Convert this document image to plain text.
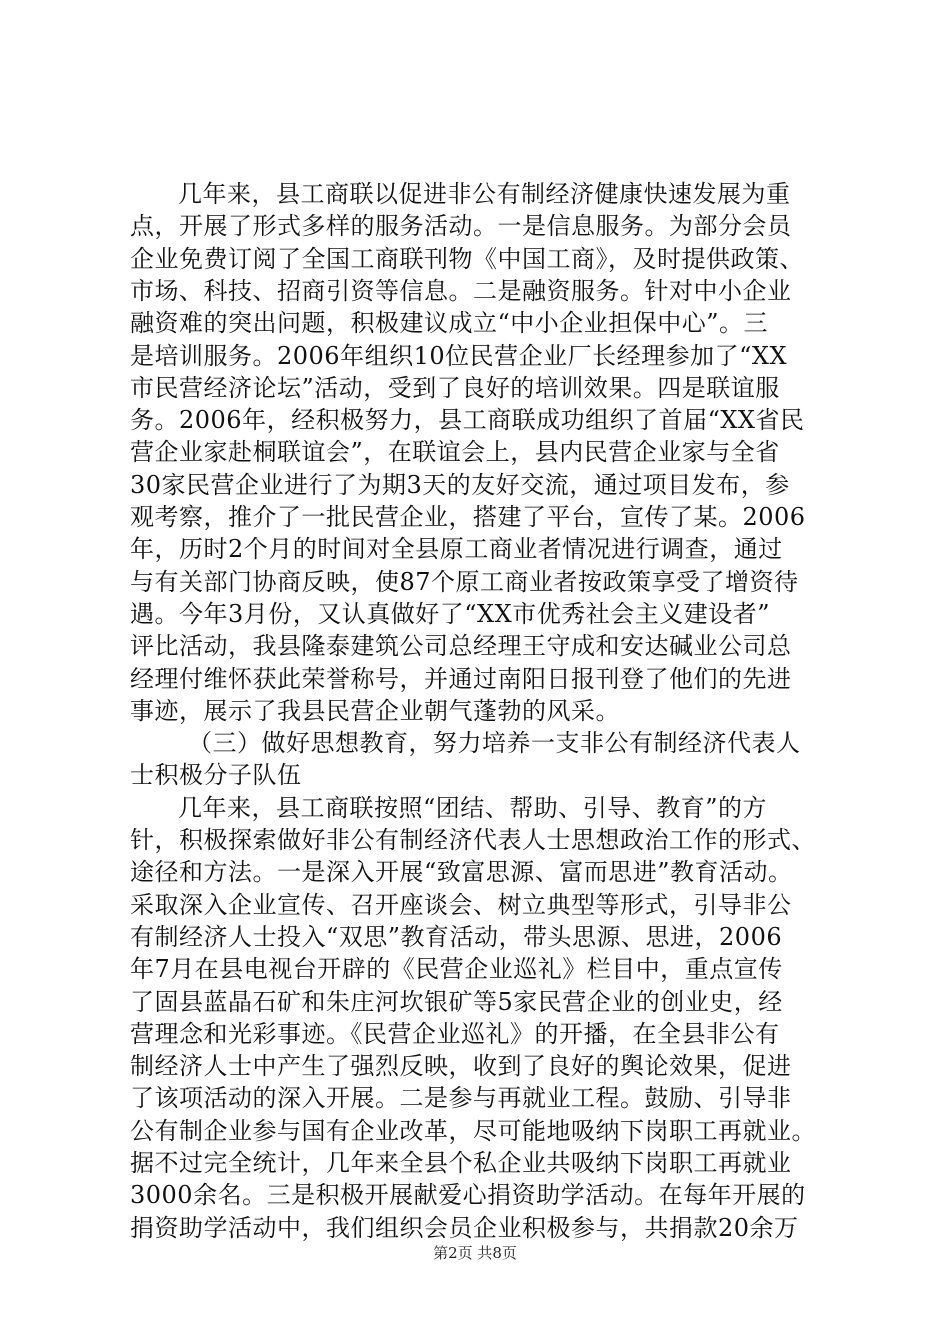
几年来，县工商联以促进非公有制经济健康快速发展为重
点，开展了形式多样的服务活动。一是信息服务。为部分会员
企业免费订阅了全国工商联刊物《中国工商》，及时提供政策、
市场、科技、招商引资等信息。二是融资服务。针对中小企业
融资难的突出问题，积极建议成立“中小企业担保中心”。三
是培训服务。2006年组织10位民营企业厂长经理参加了“XX
市民营经济论坛”活动，受到了良好的培训效果。四是联谊服
务。2006年，经积极努力，县工商联成功组织了首届“XX省民
营企业家赴桐联谊会”，在联谊会上，县内民营企业家与全省
30家民营企业进行了为期3天的友好交流，通过项目发布，参
观考察，推介了一批民营企业，搭建了平台，宣传了某。2006
年，历时2个月的时间对全县原工商业者情况进行调查，通过
与有关部门协商反映，使87个原工商业者按政策享受了增资待
遇。今年3月份，又认真做好了“XX市优秀社会主义建设者”
评比活动，我县隆泰建筑公司总经理王守成和安达碱业公司总
经理付维怀获此荣誉称号，并通过南阳日报刊登了他们的先进
事迹，展示了我县民营企业朝气蓬勃的风采。
（三）做好思想教育，努力培养一支非公有制经济代表人
士积极分子队伍
几年来，县工商联按照“团结、帮助、引导、教育”的方
针，积极探索做好非公有制经济代表人士思想政治工作的形式、
途径和方法。一是深入开展“致富思源、富而思进”教育活动。
采取深入企业宣传、召开座谈会、树立典型等形式，引导非公
有制经济人士投入“双思”教育活动，带头思源、思进，2006
年7月在县电视台开辟的《民营企业巡礼》栏目中，重点宣传
了固县蓝晶石矿和朱庄河坎银矿等5家民营企业的创业史，经
营理念和光彩事迹。《民营企业巡礼》的开播，在全县非公有
制经济人士中产生了强烈反映，收到了良好的舆论效果，促进
了该项活动的深入开展。二是参与再就业工程。鼓励、引导非
公有制企业参与国有企业改革，尽可能地吸纳下岗职工再就业。
据不过完全统计，几年来全县个私企业共吸纳下岗职工再就业
3000余名。三是积极开展献爱心捐资助学活动。在每年开展的
捐资助学活动中，我们组织会员企业积极参与，共捐款20余万
第2页 共8页
